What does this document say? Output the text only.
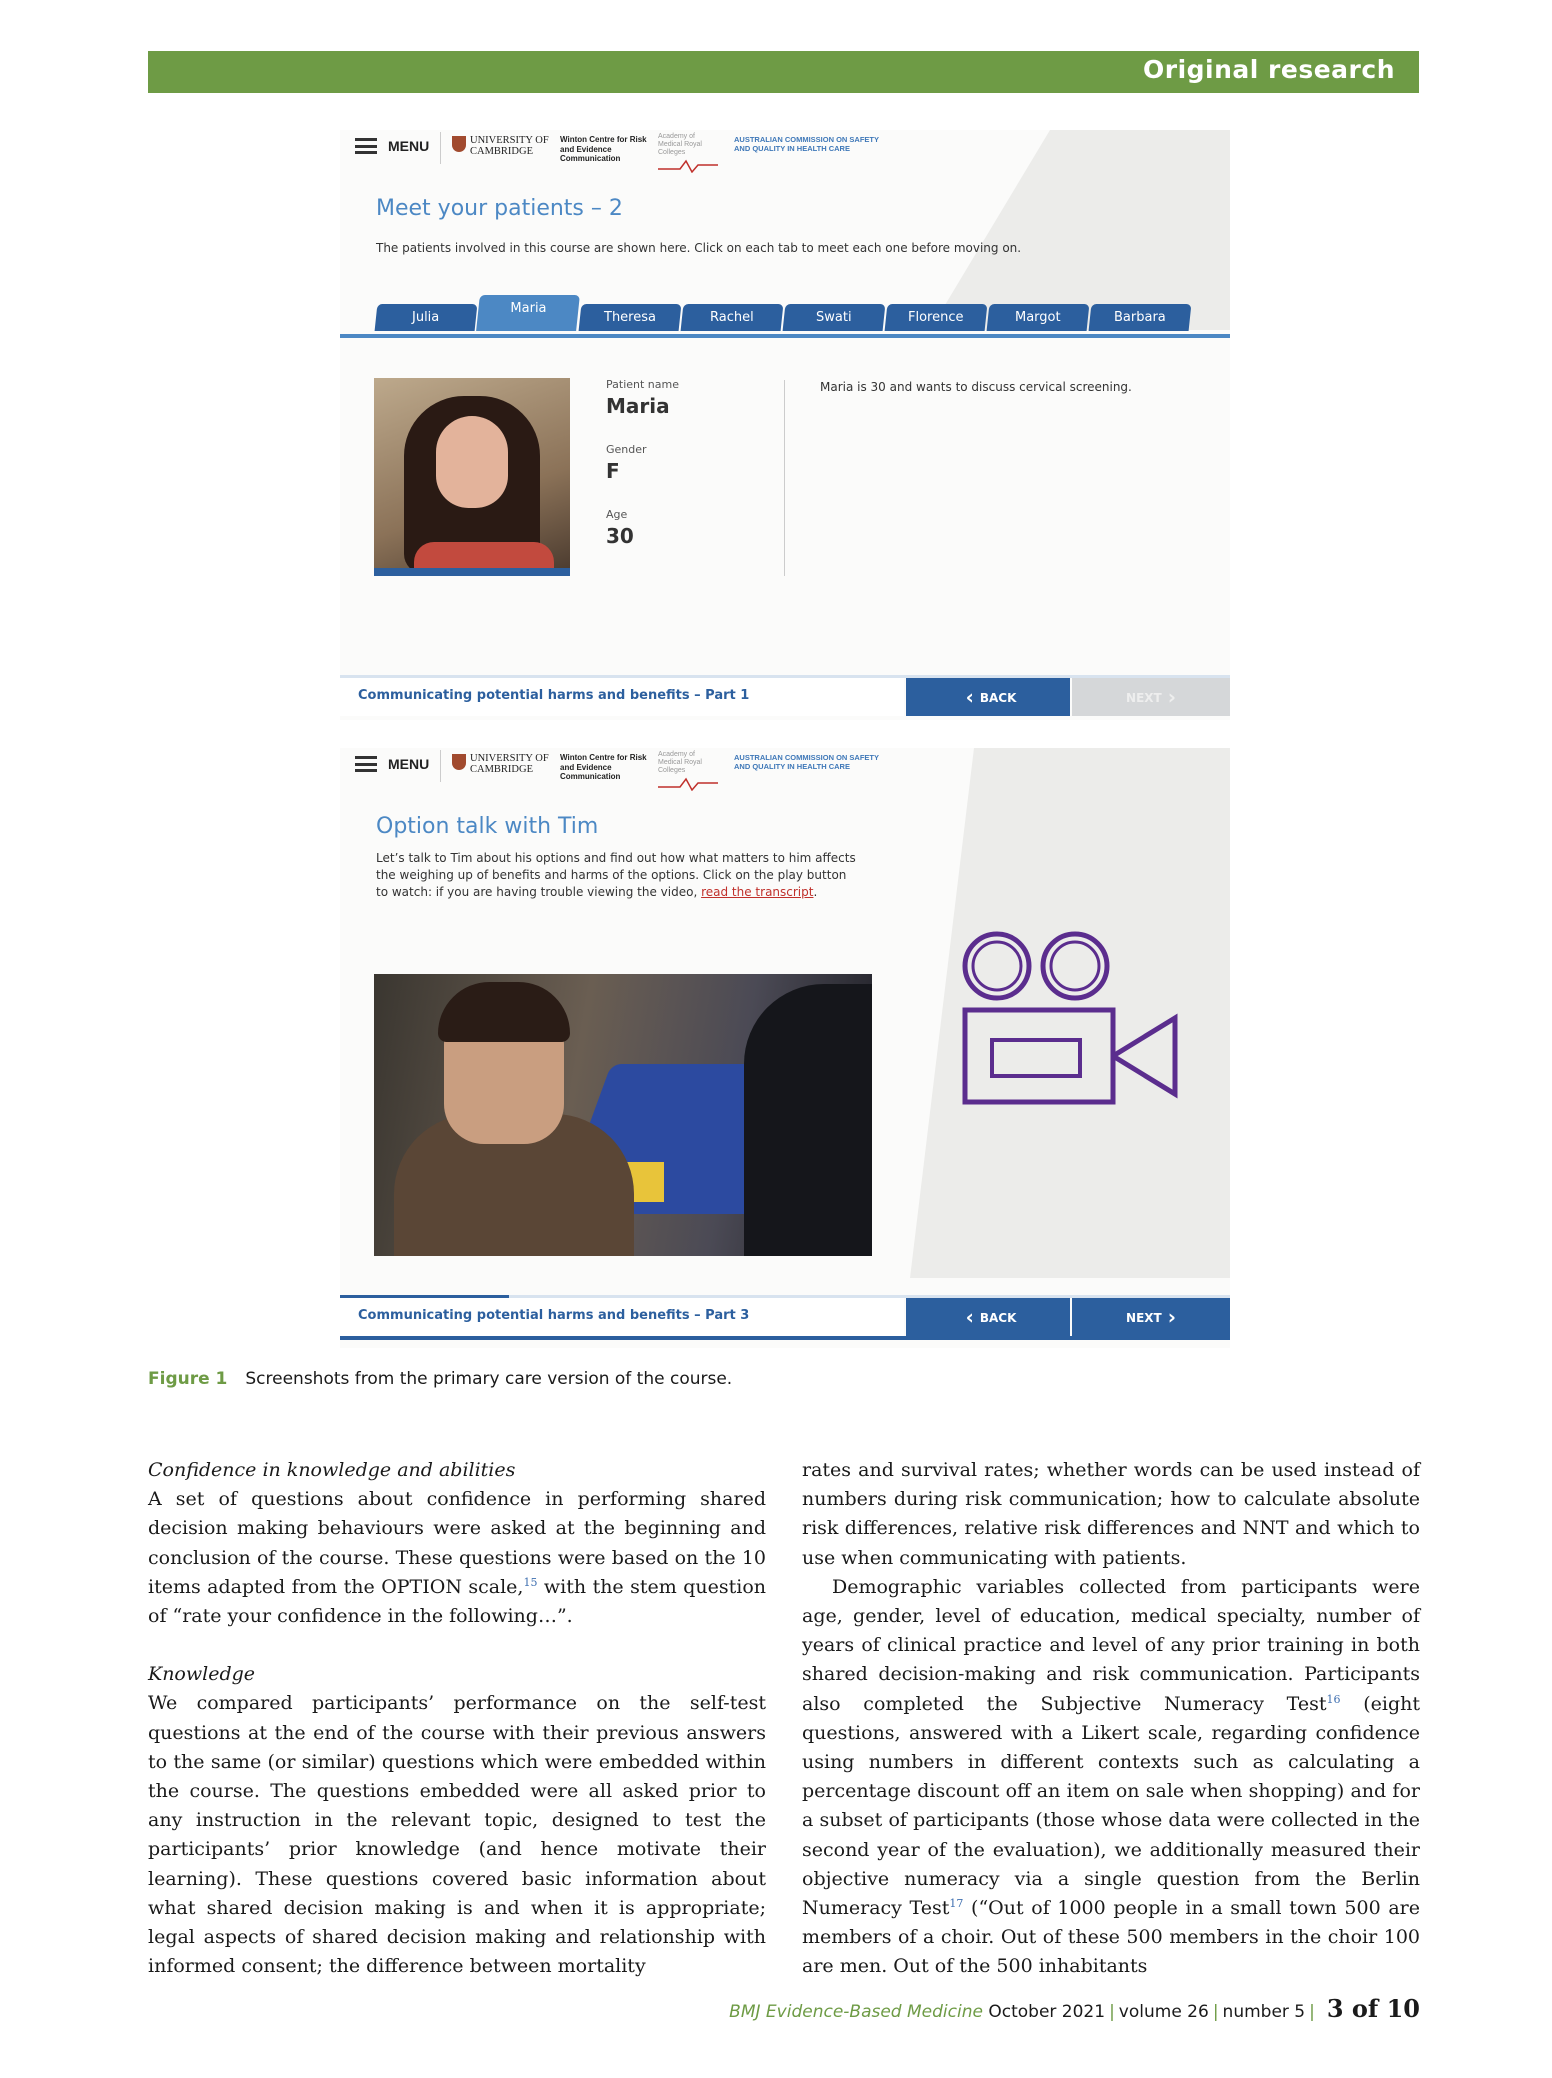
Original research
MENU	UNIVERSITY OF CAMBRIDGE
Winton Centre for Risk and Evidence Communication
Academy of Medical Royal Colleges
AUSTRALIAN COMMISSION ON SAFETY AND QUALITY IN HEALTH CARE
Meet your patients – 2
The patients involved in this course are shown here. Click on each tab to meet each one before moving on.
Julia
Maria
Theresa	Rachel	Swati	Florence	Margot	Barbara
Patient name
Maria
Gender
F
Age
30
Maria is 30 and wants to discuss cervical screening.
Communicating potential harms and benefits – Part 1	‹ BACK	NEXT ›
MENU	UNIVERSITY OF CAMBRIDGE
Winton Centre for Risk and Evidence Communication
Academy of Medical Royal Colleges
AUSTRALIAN COMMISSION ON SAFETY AND QUALITY IN HEALTH CARE
Option talk with Tim
Let’s talk to Tim about his options and find out how what matters to him affects
the weighing up of benefits and harms of the options. Click on the play button
to watch: if you are having trouble viewing the video, read the transcript.
Communicating potential harms and benefits – Part 3	‹ BACK	NEXT ›
Figure 1 Screenshots from the primary care version of the course.

Confidence in knowledge and abilities

A set of questions about confidence in performing shared decision making behaviours were asked at the beginning and conclusion of the course. These questions were based on the 10 items adapted from the OPTION scale,$^{15}$ with the stem question of “rate your confidence in the following…”.

Knowledge

We compared participants’ performance on the self-test questions at the end of the course with their previous answers to the same (or similar) questions which were embedded within the course. The questions embedded were all asked prior to any instruction in the relevant topic, designed to test the participants’ prior knowledge (and hence motivate their learning). These questions covered basic information about what shared decision making is and when it is appropriate; legal aspects of shared decision making and relationship with informed consent; the difference between mortality

rates and survival rates; whether words can be used instead of numbers during risk communication; how to calculate absolute risk differences, relative risk differences and NNT and which to use when communicating with patients.

Demographic variables collected from participants were age, gender, level of education, medical specialty, number of years of clinical practice and level of any prior training in both shared decision-making and risk communication. Participants also completed the Subjective Numeracy Test$^{16}$ (eight questions, answered with a Likert scale, regarding confidence using numbers in different contexts such as calculating a percentage discount off an item on sale when shopping) and for a subset of participants (those whose data were collected in the second year of the evaluation), we additionally measured their objective numeracy via a single question from the Berlin Numeracy Test$^{17}$ (“Out of 1000 people in a small town 500 are members of a choir. Out of these 500 members in the choir 100 are men. Out of the 500 inhabitants

BMJ Evidence-Based Medicine October 2021 | volume 26 | number 5 | 3 of 10
